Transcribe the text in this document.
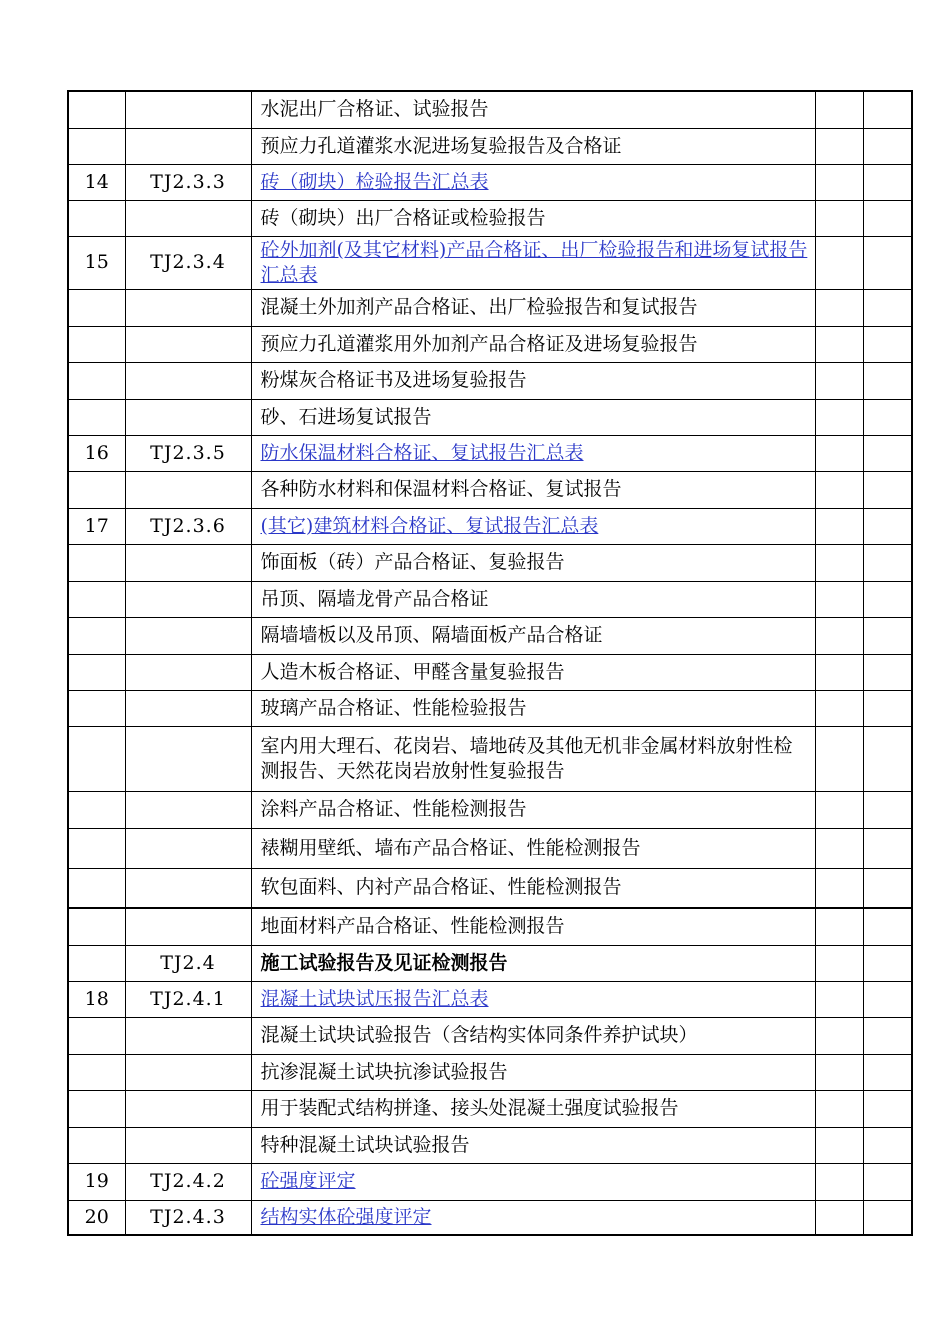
		水泥出厂合格证、试验报告		
		预应力孔道灌浆水泥进场复验报告及合格证		
14	TJ2.3.3	砖（砌块）检验报告汇总表		
		砖（砌块）出厂合格证或检验报告		
15	TJ2.3.4	砼外加剂(及其它材料)产品合格证、出厂检验报告和进场复试报告汇总表		
		混凝土外加剂产品合格证、出厂检验报告和复试报告		
		预应力孔道灌浆用外加剂产品合格证及进场复验报告		
		粉煤灰合格证书及进场复验报告		
		砂、石进场复试报告		
16	TJ2.3.5	防水保温材料合格证、复试报告汇总表		
		各种防水材料和保温材料合格证、复试报告		
17	TJ2.3.6	(其它)建筑材料合格证、复试报告汇总表		
		饰面板（砖）产品合格证、复验报告		
		吊顶、隔墙龙骨产品合格证		
		隔墙墙板以及吊顶、隔墙面板产品合格证		
		人造木板合格证、甲醛含量复验报告		
		玻璃产品合格证、性能检验报告		
		室内用大理石、花岗岩、墙地砖及其他无机非金属材料放射性检测报告、天然花岗岩放射性复验报告		
		涂料产品合格证、性能检测报告		
		裱糊用壁纸、墙布产品合格证、性能检测报告		
		软包面料、内衬产品合格证、性能检测报告		
		地面材料产品合格证、性能检测报告		
	TJ2.4	施工试验报告及见证检测报告		
18	TJ2.4.1	混凝土试块试压报告汇总表		
		混凝土试块试验报告（含结构实体同条件养护试块）		
		抗渗混凝土试块抗渗试验报告		
		用于装配式结构拼逢、接头处混凝土强度试验报告		
		特种混凝土试块试验报告		
19	TJ2.4.2	砼强度评定		
20	TJ2.4.3	结构实体砼强度评定		
